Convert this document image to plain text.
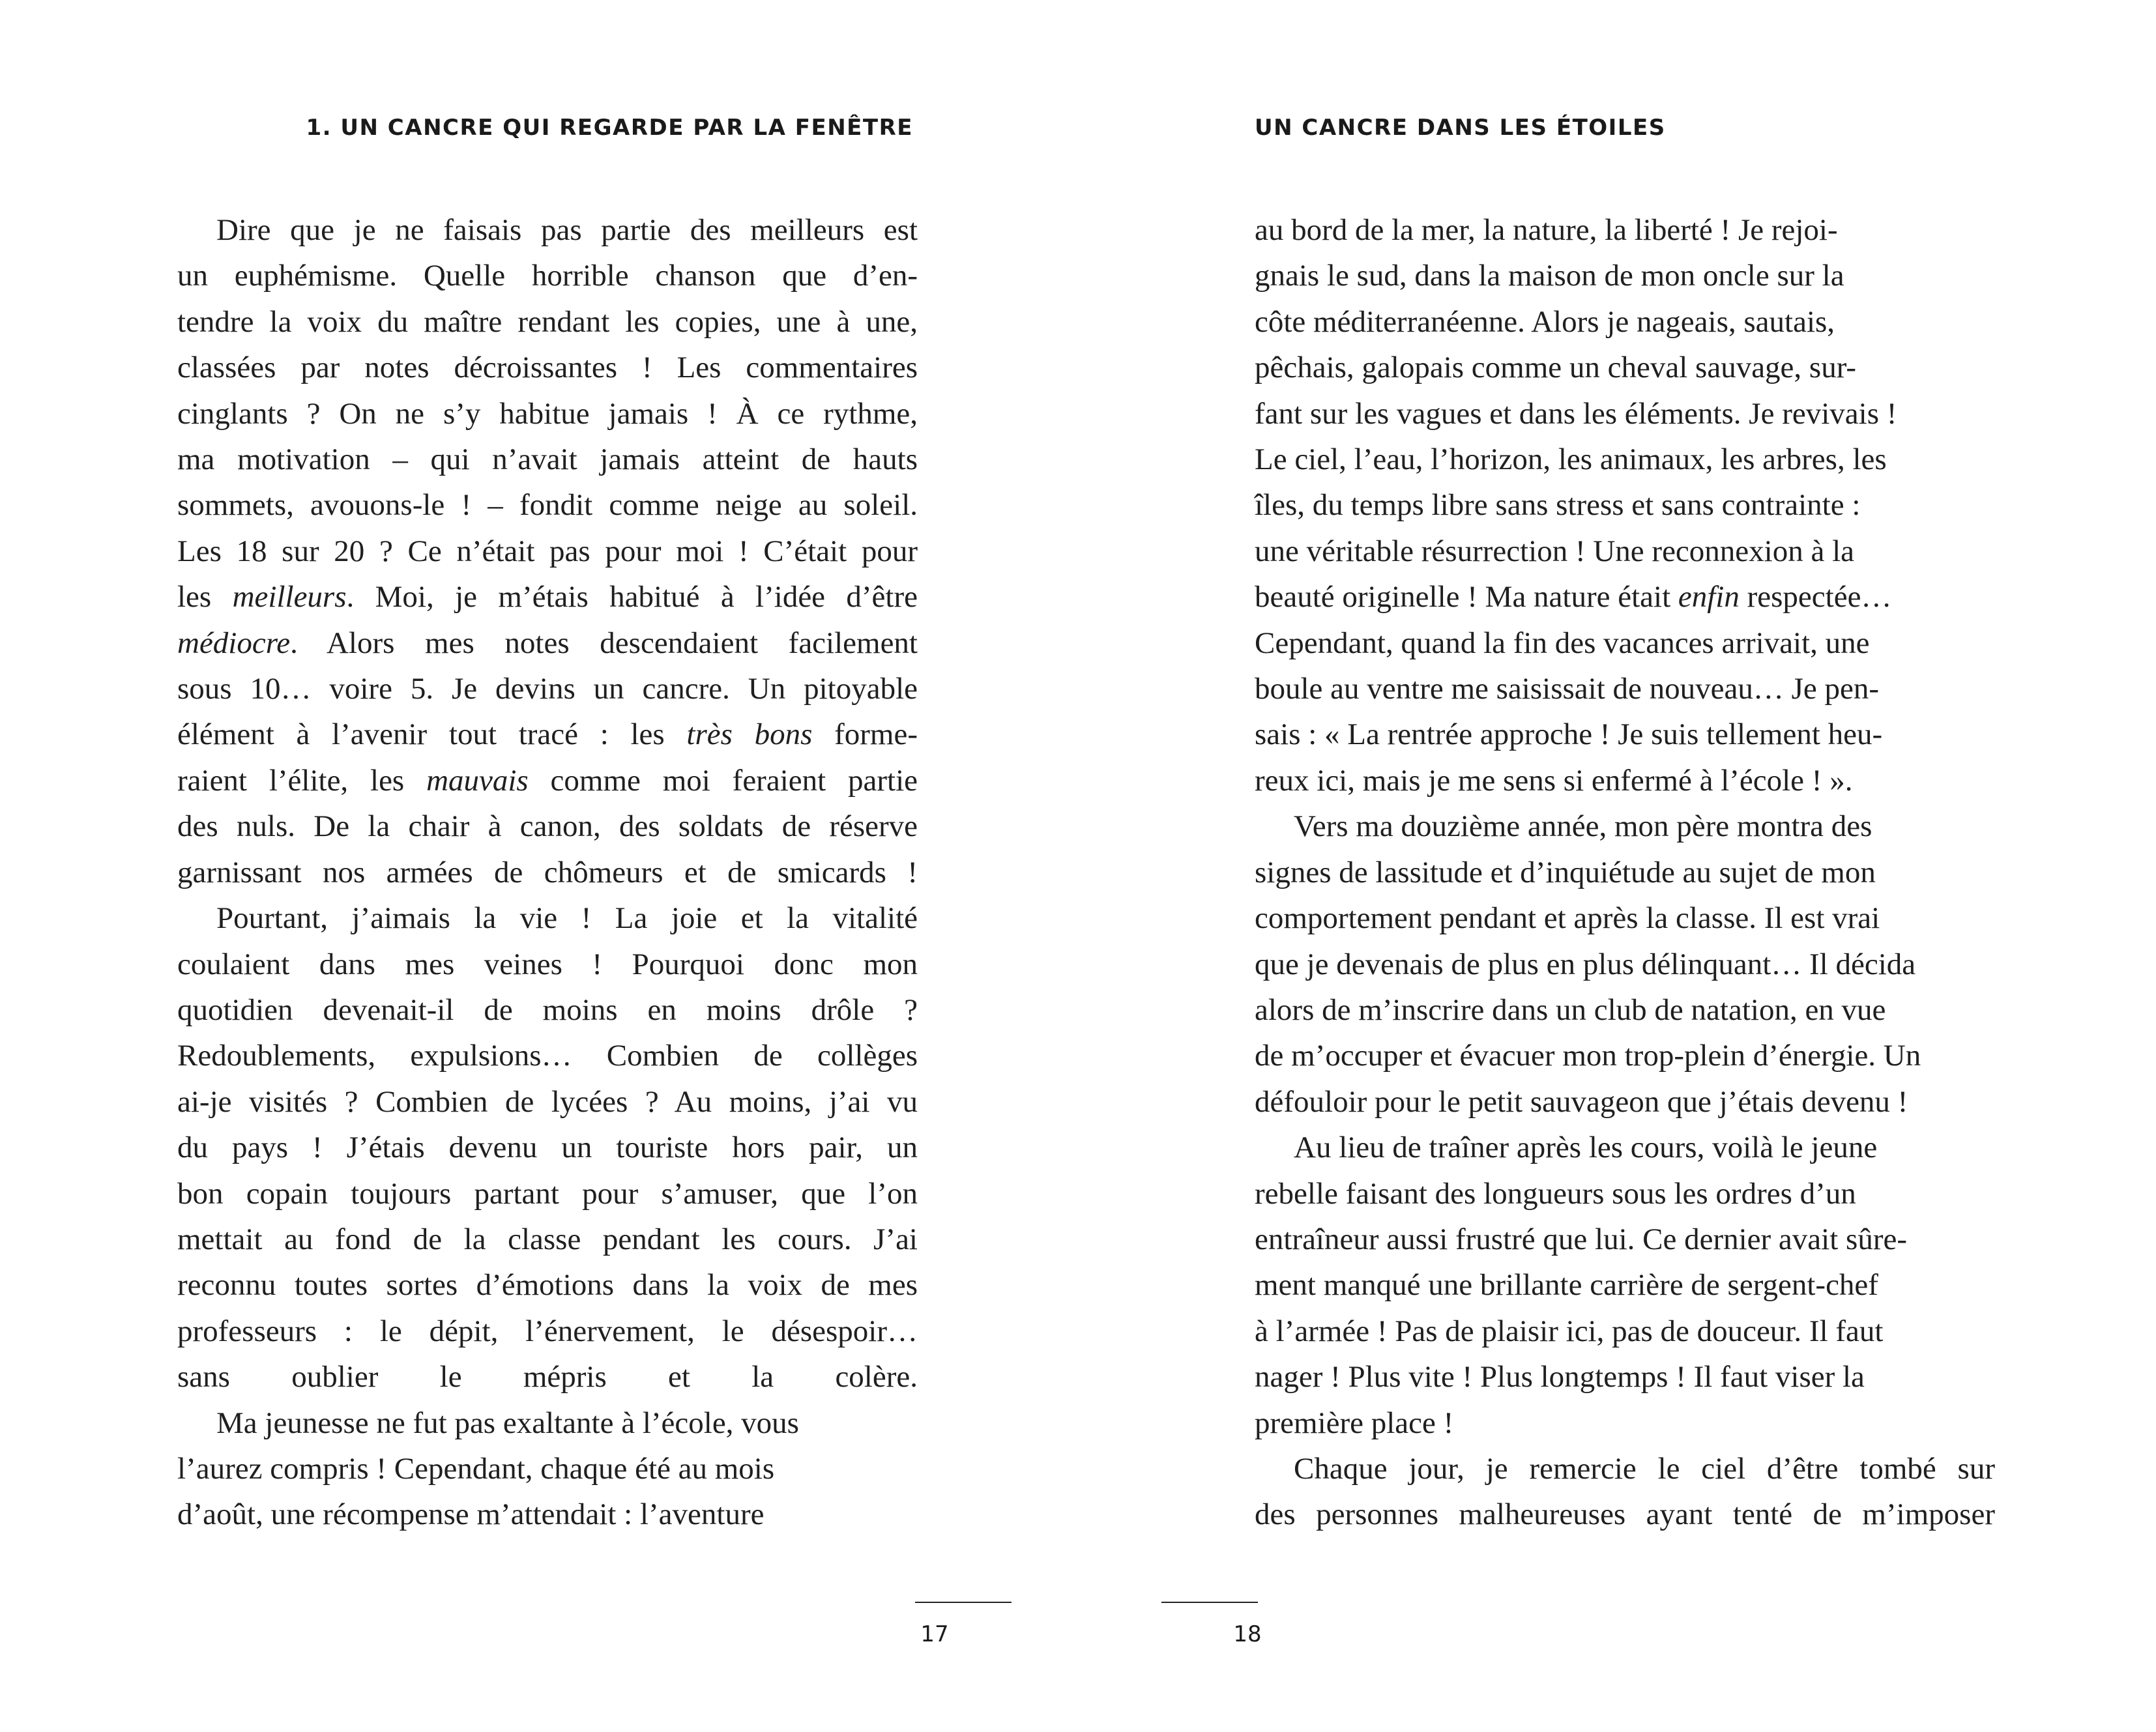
1. UN CANCRE QUI REGARDE PAR LA FENÊTRE

Dire que je ne faisais pas partie des meilleurs est
un euphémisme. Quelle horrible chanson que d’en-
tendre la voix du maître rendant les copies, une à une,
classées par notes décroissantes ! Les commentaires
cinglants ? On ne s’y habitue jamais ! À ce rythme,
ma motivation – qui n’avait jamais atteint de hauts
sommets, avouons-le ! – fondit comme neige au soleil.
Les 18 sur 20 ? Ce n’était pas pour moi ! C’était pour
les meilleurs. Moi, je m’étais habitué à l’idée d’être
médiocre. Alors mes notes descendaient facilement
sous 10… voire 5. Je devins un cancre. Un pitoyable
élément à l’avenir tout tracé : les très bons forme-
raient l’élite, les mauvais comme moi feraient partie
des nuls. De la chair à canon, des soldats de réserve
garnissant nos armées de chômeurs et de smicards !

Pourtant, j’aimais la vie ! La joie et la vitalité
coulaient dans mes veines ! Pourquoi donc mon
quotidien devenait-il de moins en moins drôle ?
Redoublements, expulsions… Combien de collèges
ai-je visités ? Combien de lycées ? Au moins, j’ai vu
du pays ! J’étais devenu un touriste hors pair, un
bon copain toujours partant pour s’amuser, que l’on
mettait au fond de la classe pendant les cours. J’ai
reconnu toutes sortes d’émotions dans la voix de mes
professeurs : le dépit, l’énervement, le désespoir…
sans oublier le mépris et la colère.

Ma jeunesse ne fut pas exaltante à l’école, vous
l’aurez compris ! Cependant, chaque été au mois
d’août, une récompense m’attendait : l’aventure

17
UN CANCRE DANS LES ÉTOILES

au bord de la mer, la nature, la liberté ! Je rejoi-
gnais le sud, dans la maison de mon oncle sur la
côte méditerranéenne. Alors je nageais, sautais,
pêchais, galopais comme un cheval sauvage, sur-
fant sur les vagues et dans les éléments. Je revivais !
Le ciel, l’eau, l’horizon, les animaux, les arbres, les
îles, du temps libre sans stress et sans contrainte :
une véritable résurrection ! Une reconnexion à la
beauté originelle ! Ma nature était enfin respectée…
Cependant, quand la fin des vacances arrivait, une
boule au ventre me saisissait de nouveau… Je pen-
sais : « La rentrée approche ! Je suis tellement heu-
reux ici, mais je me sens si enfermé à l’école ! ».

Vers ma douzième année, mon père montra des
signes de lassitude et d’inquiétude au sujet de mon
comportement pendant et après la classe. Il est vrai
que je devenais de plus en plus délinquant… Il décida
alors de m’inscrire dans un club de natation, en vue
de m’occuper et évacuer mon trop-plein d’énergie. Un
défouloir pour le petit sauvageon que j’étais devenu !

Au lieu de traîner après les cours, voilà le jeune
rebelle faisant des longueurs sous les ordres d’un
entraîneur aussi frustré que lui. Ce dernier avait sûre-
ment manqué une brillante carrière de sergent-chef
à l’armée ! Pas de plaisir ici, pas de douceur. Il faut
nager ! Plus vite ! Plus longtemps ! Il faut viser la
première place !

Chaque jour, je remercie le ciel d’être tombé sur
des personnes malheureuses ayant tenté de m’imposer

18
